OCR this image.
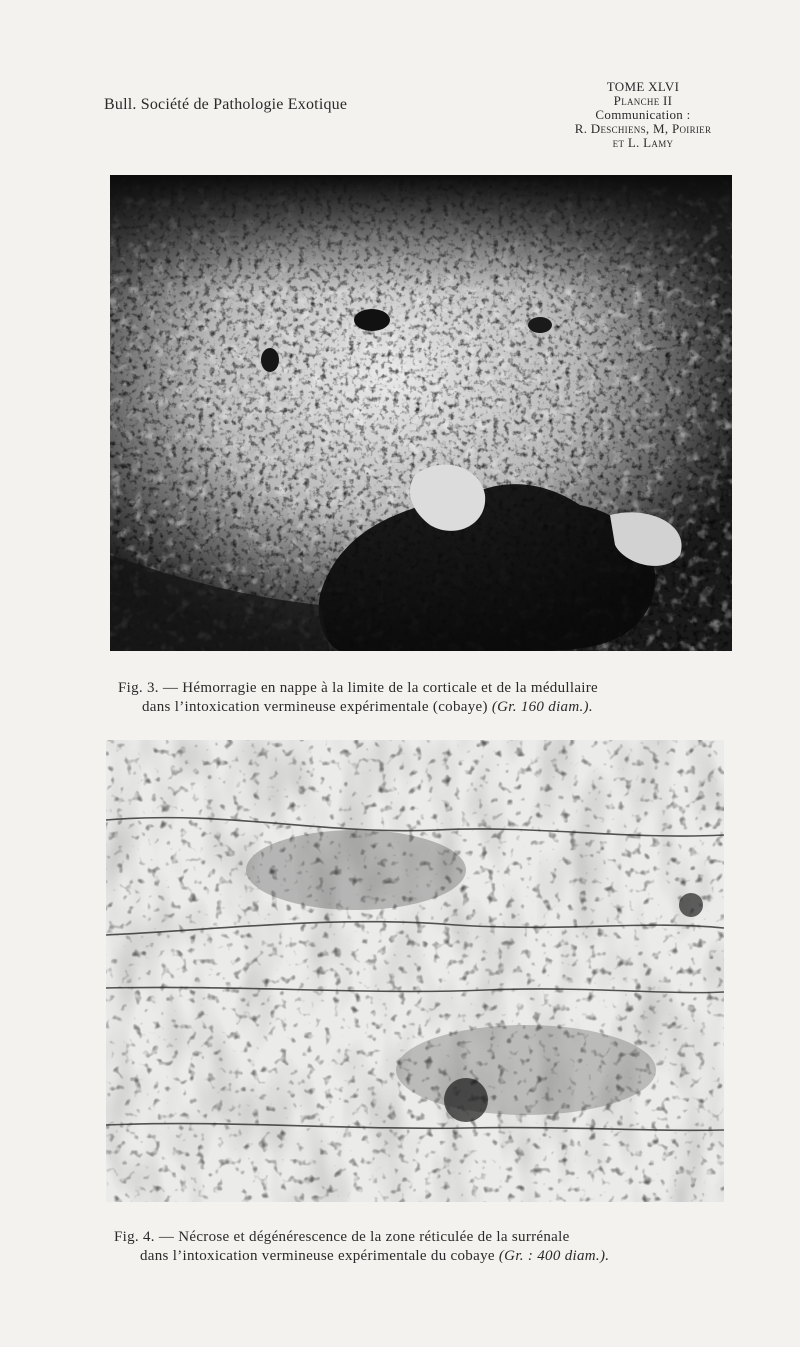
Bull. Société de Pathologie Exotique
TOME XLVI
Planche II
Communication :
R. Deschiens, M, Poirier
et L. Lamy
Fig. 3. — Hémorragie en nappe à la limite de la corticale et de la médullaire
dans l’intoxication vermineuse expérimentale (cobaye) (Gr. 160 diam.).
Fig. 4. — Nécrose et dégénérescence de la zone réticulée de la surrénale
dans l’intoxication vermineuse expérimentale du cobaye (Gr. : 400 diam.).
